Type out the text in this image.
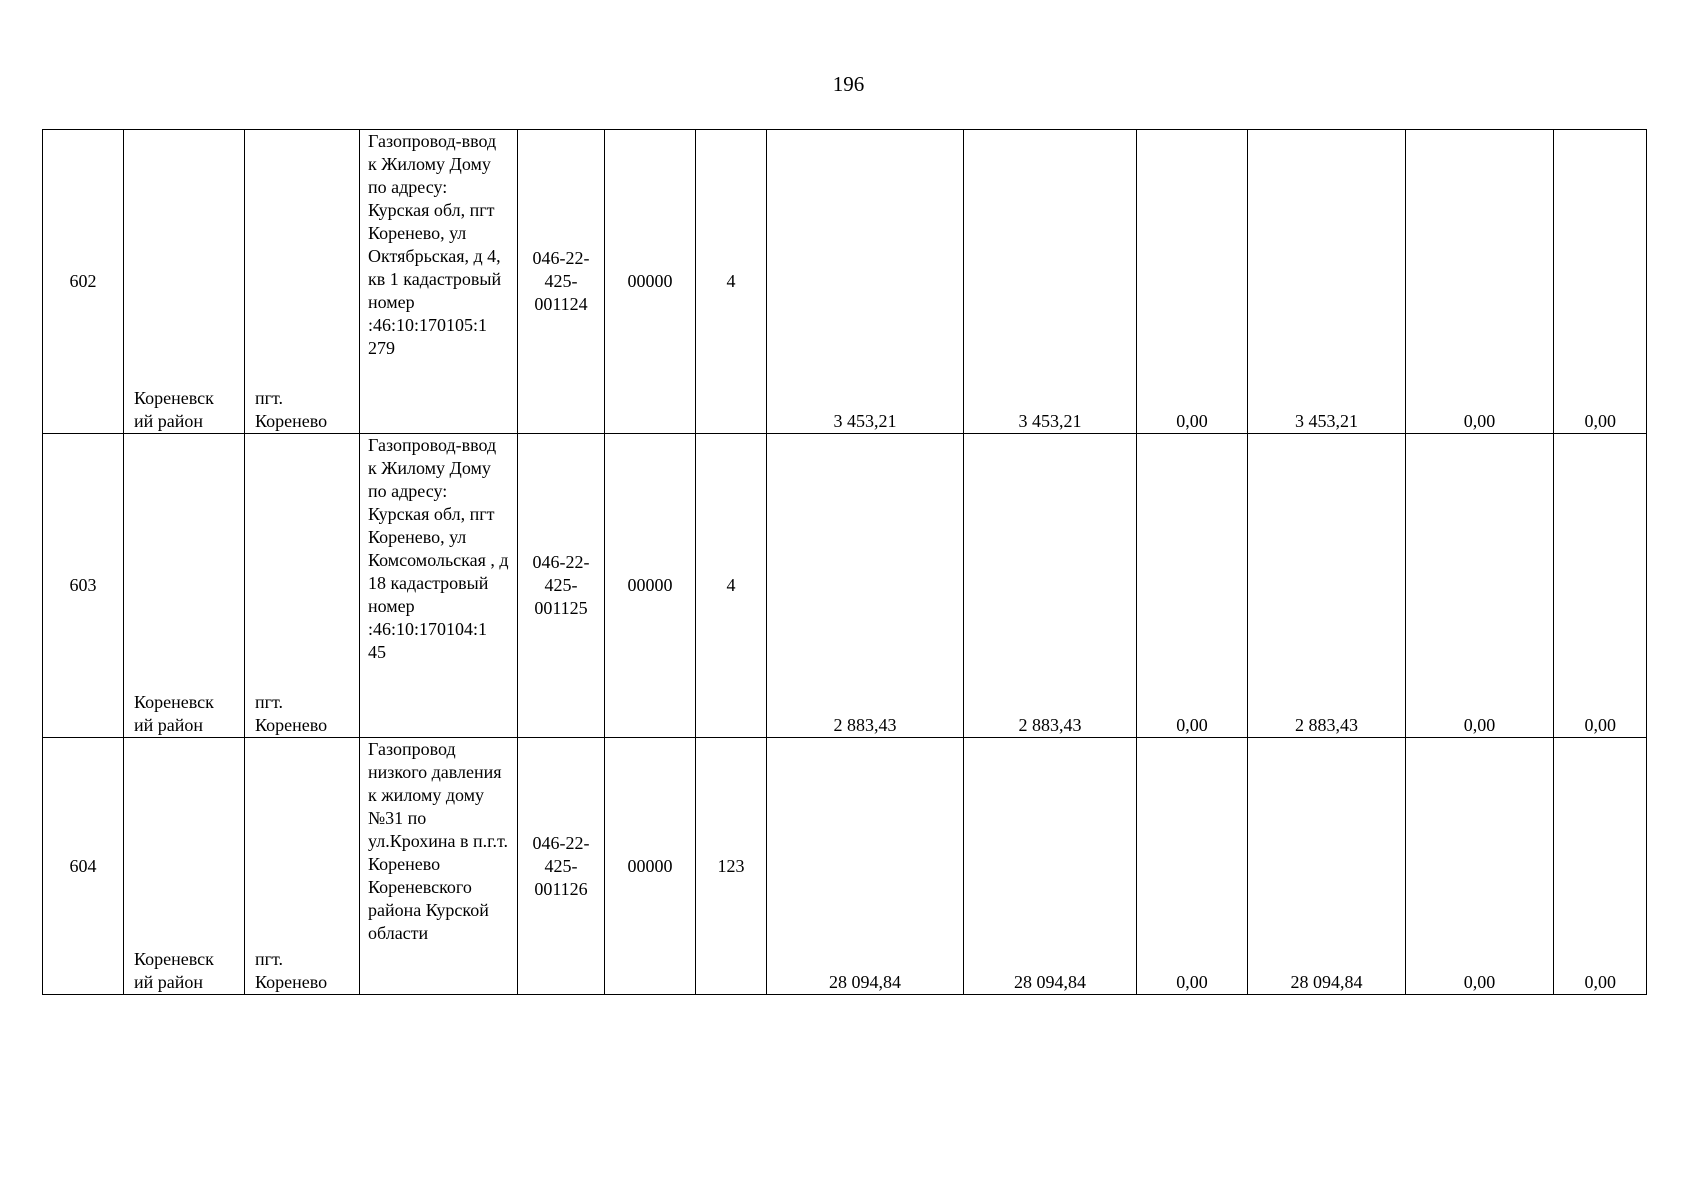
196
602	Кореневск ий район	пгт. Коренево	Газопровод-ввод к Жилому Дому по адресу: Курская обл, пгт Коренево, ул Октябрьская, д 4, кв 1 кадастровый номер :46:10:170105:1 279	046-22-425-001124	00000	4	3 453,21	3 453,21	0,00	3 453,21	0,00	0,00
603	Кореневск ий район	пгт. Коренево	Газопровод-ввод к Жилому Дому по адресу: Курская обл, пгт Коренево, ул Комсомольская , д 18 кадастровый номер :46:10:170104:1 45	046-22-425-001125	00000	4	2 883,43	2 883,43	0,00	2 883,43	0,00	0,00
604	Кореневск ий район	пгт. Коренево	Газопровод низкого давления к жилому дому №31 по ул.Крохина в п.г.т. Коренево Кореневского района Курской области	046-22-425-001126	00000	123	28 094,84	28 094,84	0,00	28 094,84	0,00	0,00
